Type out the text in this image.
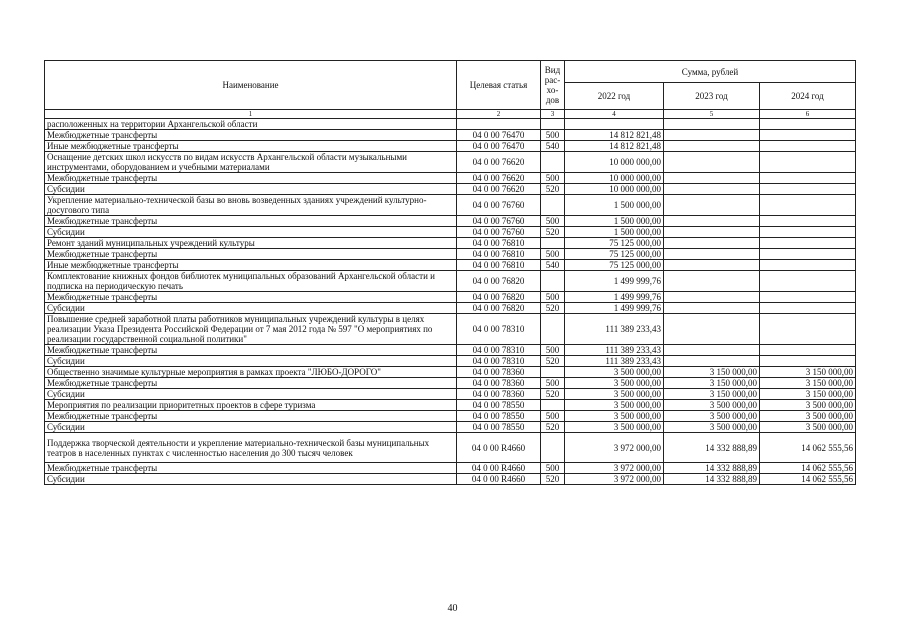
Наименование	Целевая статья	Вид рас-хо-дов	Сумма, рублей		
			2022 год	2023 год	2024 год
1	2	3	4	5	6
расположенных на территории Архангельской области					
Межбюджетные трансферты	04 0 00 76470	500	14 812 821,48		
Иные межбюджетные трансферты	04 0 00 76470	540	14 812 821,48		
Оснащение детских школ искусств по видам искусств Архангельской области музыкальными инструментами, оборудованием и учебными материалами	04 0 00 76620		10 000 000,00		
Межбюджетные трансферты	04 0 00 76620	500	10 000 000,00		
Субсидии	04 0 00 76620	520	10 000 000,00		
Укрепление материально-технической базы во вновь возведенных зданиях учреждений культурно-досугового типа	04 0 00 76760		1 500 000,00		
Межбюджетные трансферты	04 0 00 76760	500	1 500 000,00		
Субсидии	04 0 00 76760	520	1 500 000,00		
Ремонт зданий муниципальных учреждений культуры	04 0 00 76810		75 125 000,00		
Межбюджетные трансферты	04 0 00 76810	500	75 125 000,00		
Иные межбюджетные трансферты	04 0 00 76810	540	75 125 000,00		
Комплектование книжных фондов библиотек муниципальных образований Архангельской области и подписка на периодическую печать	04 0 00 76820		1 499 999,76		
Межбюджетные трансферты	04 0 00 76820	500	1 499 999,76		
Субсидии	04 0 00 76820	520	1 499 999,76		
Повышение средней заработной платы работников муниципальных учреждений культуры в целях реализации Указа Президента Российской Федерации от 7 мая 2012 года № 597 "О мероприятиях по реализации государственной социальной политики"	04 0 00 78310		111 389 233,43		
Межбюджетные трансферты	04 0 00 78310	500	111 389 233,43		
Субсидии	04 0 00 78310	520	111 389 233,43		
Общественно значимые культурные мероприятия в рамках проекта "ЛЮБО-ДОРОГО"	04 0 00 78360		3 500 000,00	3 150 000,00	3 150 000,00
Межбюджетные трансферты	04 0 00 78360	500	3 500 000,00	3 150 000,00	3 150 000,00
Субсидии	04 0 00 78360	520	3 500 000,00	3 150 000,00	3 150 000,00
Мероприятия по реализации приоритетных проектов в сфере туризма	04 0 00 78550		3 500 000,00	3 500 000,00	3 500 000,00
Межбюджетные трансферты	04 0 00 78550	500	3 500 000,00	3 500 000,00	3 500 000,00
Субсидии	04 0 00 78550	520	3 500 000,00	3 500 000,00	3 500 000,00
Поддержка творческой деятельности и укрепление материально-технической базы муниципальных театров в населенных пунктах с численностью населения до 300 тысяч человек	04 0 00 R4660		3 972 000,00	14 332 888,89	14 062 555,56
Межбюджетные трансферты	04 0 00 R4660	500	3 972 000,00	14 332 888,89	14 062 555,56
Субсидии	04 0 00 R4660	520	3 972 000,00	14 332 888,89	14 062 555,56
40
